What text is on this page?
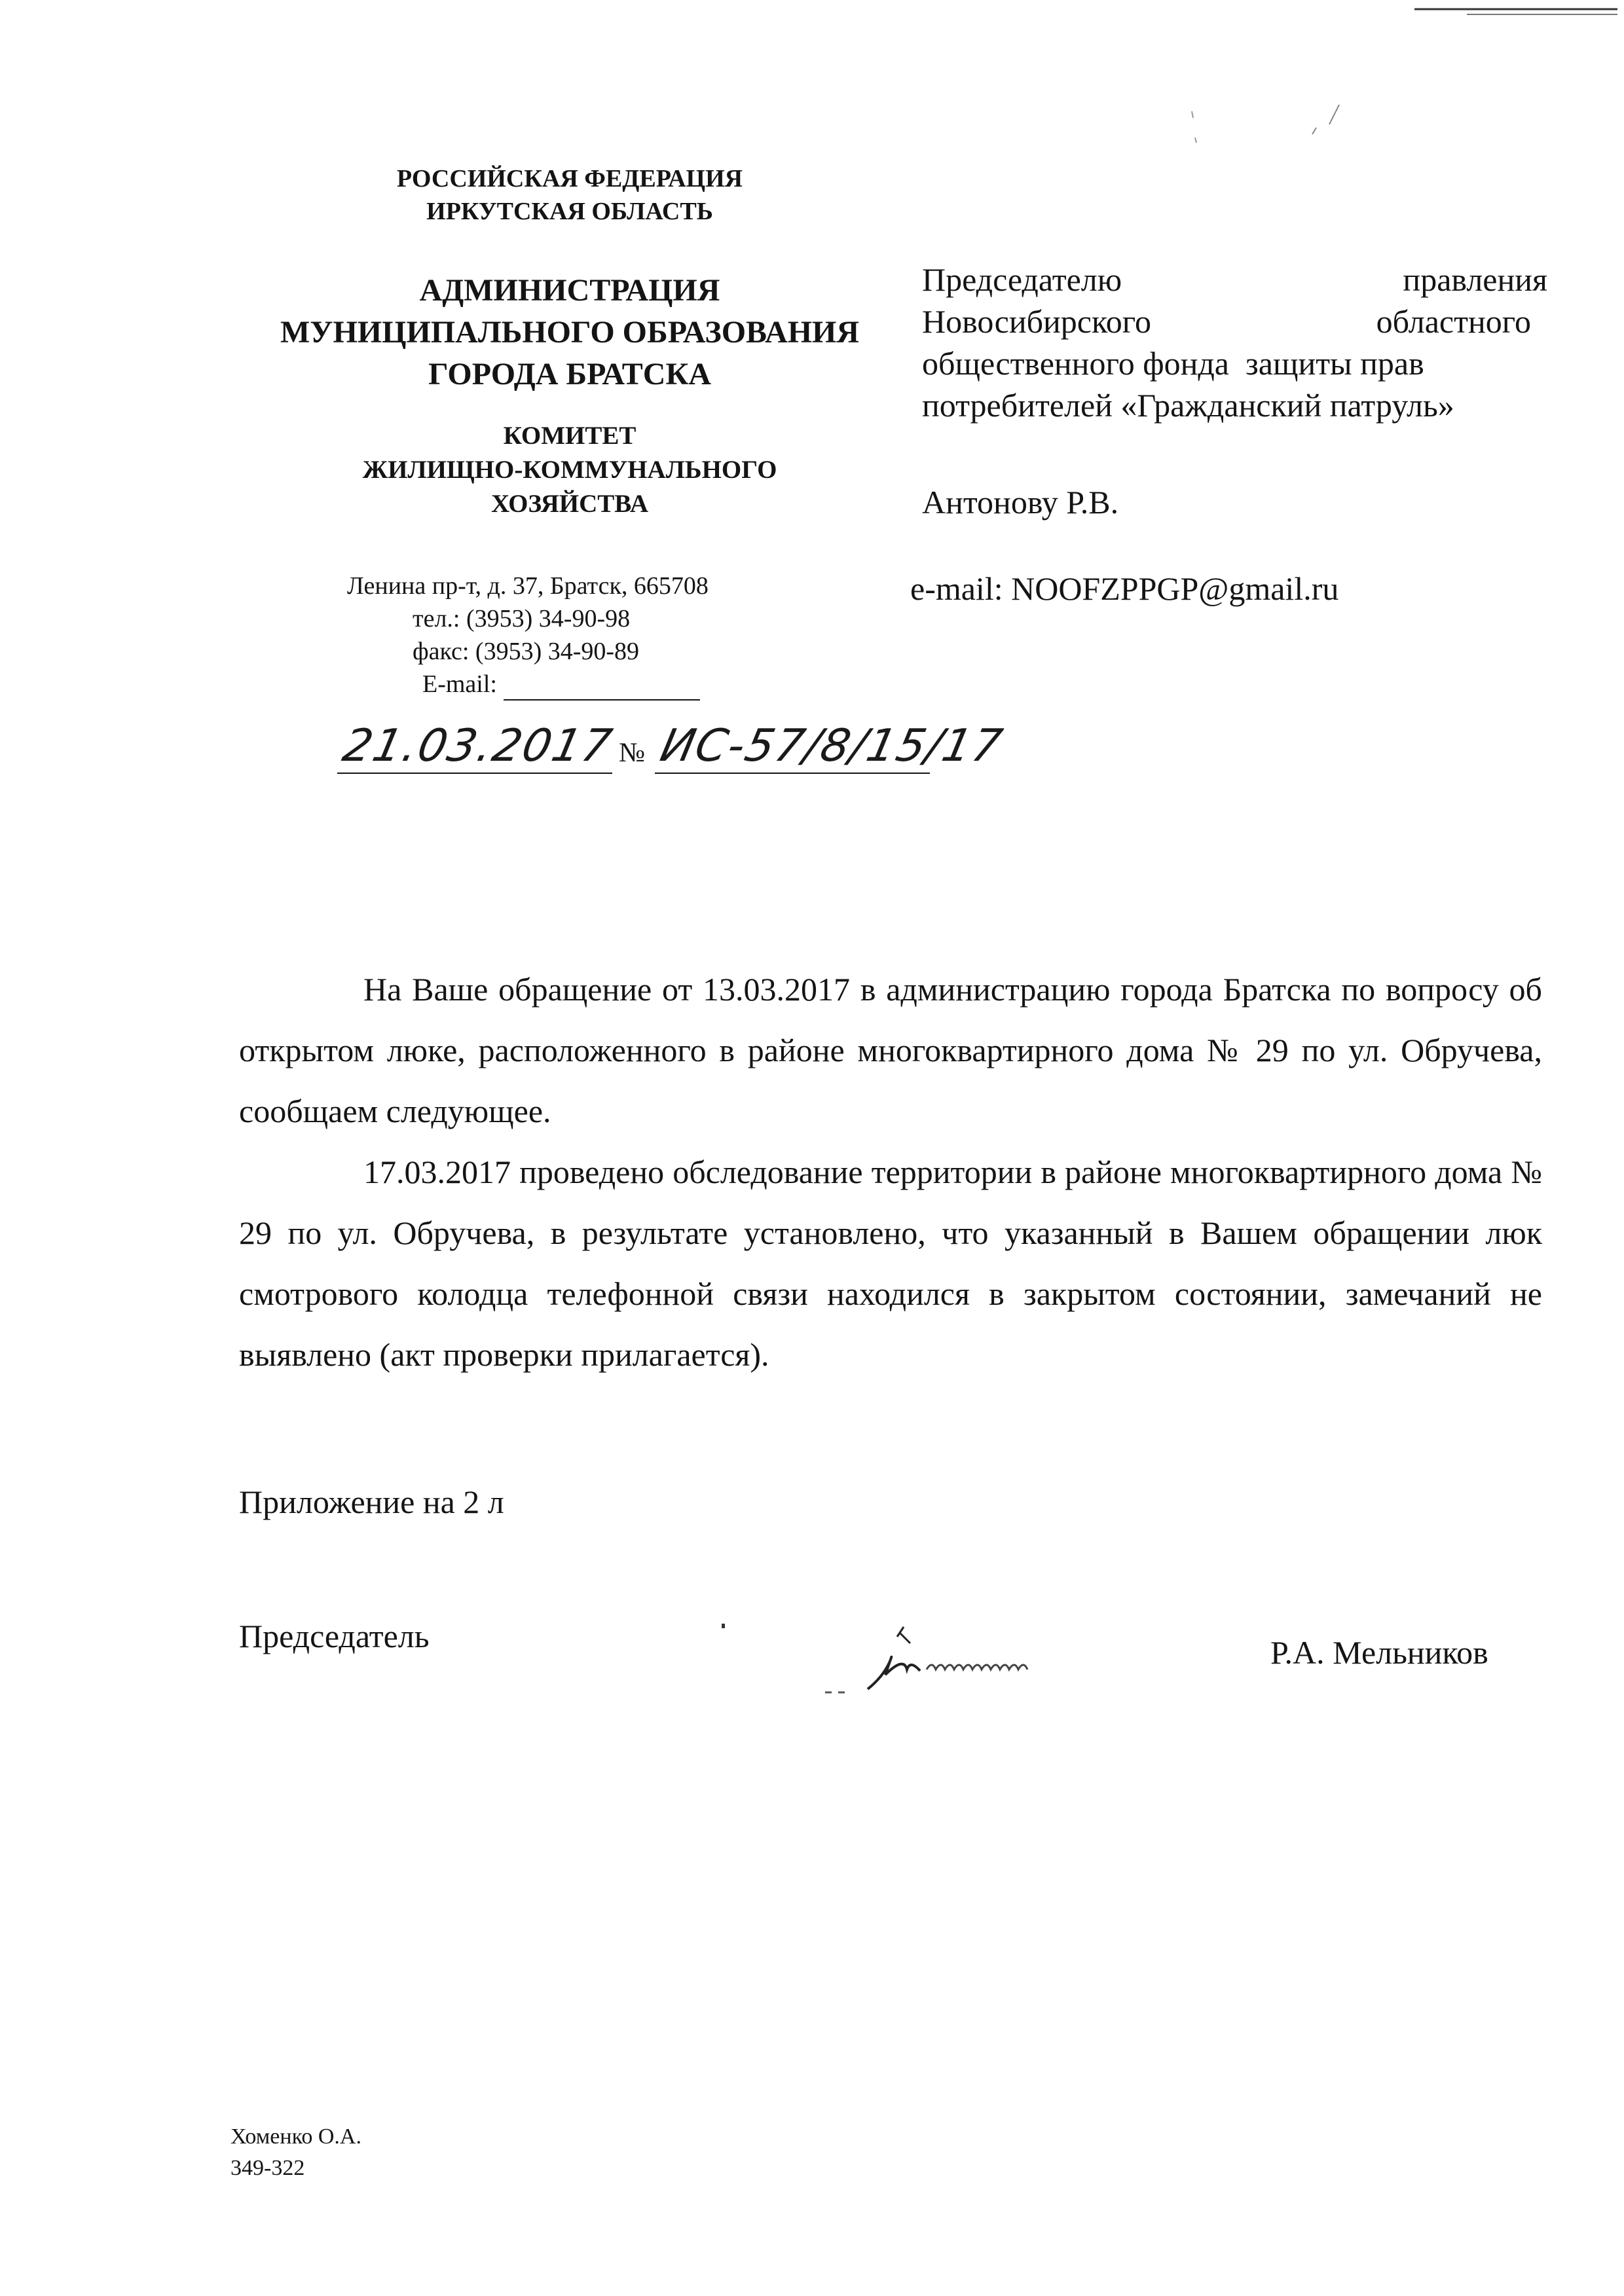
РОССИЙСКАЯ ФЕДЕРАЦИЯ
ИРКУТСКАЯ ОБЛАСТЬ
АДМИНИСТРАЦИЯ
МУНИЦИПАЛЬНОГО ОБРАЗОВАНИЯ
ГОРОДА БРАТСКА
КОМИТЕТ
ЖИЛИЩНО-КОММУНАЛЬНОГО
ХОЗЯЙСТВА
Ленина пр-т, д. 37, Братск, 665708
тел.: (3953) 34-90-98
факс: (3953) 34-90-89
E-mail:
21.03.2017 № ИС-57/8/15/17
Председателю правления
Новосибирского областного
общественного фонда  защиты прав
потребителей «Гражданский патруль»
Антонову Р.В.
e-mail: NOOFZPPGP@gmail.ru

На Ваше обращение от 13.03.2017 в администрацию города Братска по вопросу об открытом люке, расположенного в районе многоквартирного дома № 29 по ул. Обручева, сообщаем следующее.

17.03.2017 проведено обследование территории в районе многоквартирного дома № 29 по ул. Обручева, в результате установлено, что указанный в Вашем обращении люк смотрового колодца телефонной связи находился в закрытом состоянии, замечаний не выявлено (акт проверки прилагается).

Приложение на 2 л
Председатель	Р.А. Мельников
Хоменко О.А.
349-322
